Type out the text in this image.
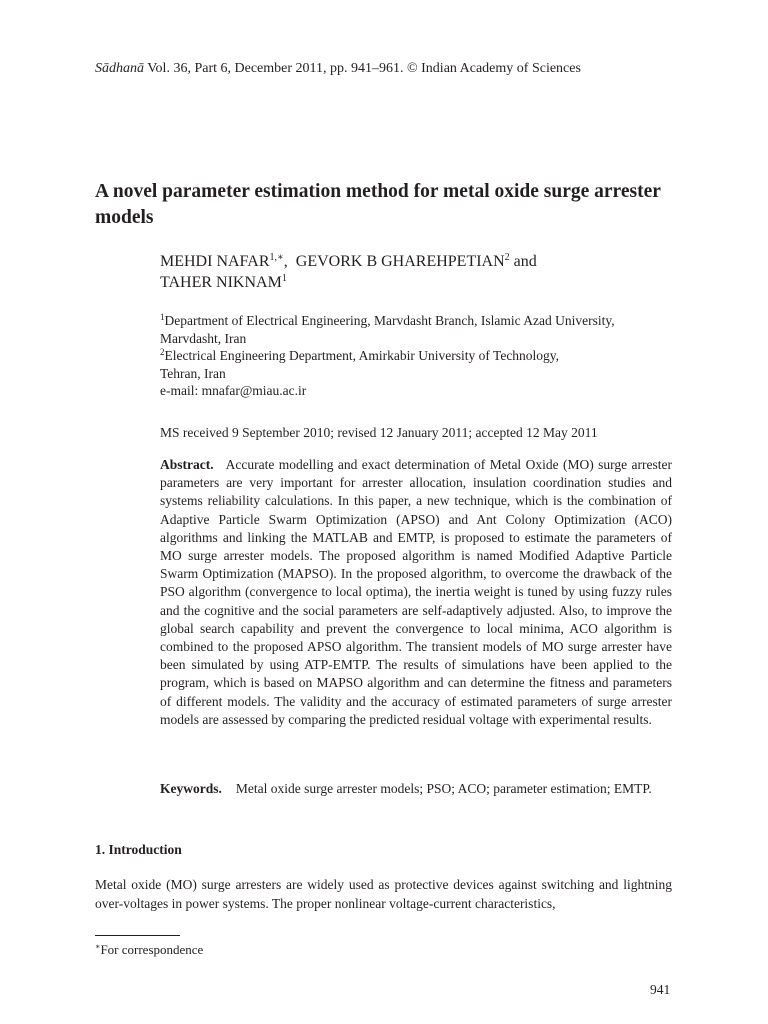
Sādhanā Vol. 36, Part 6, December 2011, pp. 941–961. © Indian Academy of Sciences
A novel parameter estimation method for metal oxide surge arrester models
MEHDI $NAFAR^{1,∗}$,  GEVORK B GHAREHPETIAN$^2$ and
TAHER NIKNAM$^1$
$^1$Department of Electrical Engineering, Marvdasht Branch, Islamic Azad University,
Marvdasht, Iran
$^2$Electrical Engineering Department, Amirkabir University of Technology,
Tehran, Iran
e-mail: mnafar@miau.ac.ir
MS received 9 September 2010; revised 12 January 2011; accepted 12 May 2011
Abstract. Accurate modelling and exact determination of Metal Oxide (MO) surge arrester parameters are very important for arrester allocation, insulation coordination studies and systems reliability calculations. In this paper, a new technique, which is the combination of Adaptive Particle Swarm Optimization (APSO) and Ant Colony Optimization (ACO) algorithms and linking the MATLAB and EMTP, is proposed to estimate the parameters of MO surge arrester models. The proposed algorithm is named Modified Adaptive Particle Swarm Optimization (MAPSO). In the proposed algorithm, to overcome the drawback of the PSO algorithm (convergence to local optima), the inertia weight is tuned by using fuzzy rules and the cognitive and the social parameters are self-adaptively adjusted. Also, to improve the global search capability and prevent the convergence to local minima, ACO algorithm is combined to the proposed APSO algorithm. The transient models of MO surge arrester have been simulated by using ATP-EMTP. The results of simulations have been applied to the program, which is based on MAPSO algorithm and can determine the fitness and parameters of different models. The validity and the accuracy of estimated parameters of surge arrester models are assessed by comparing the predicted residual voltage with experimental results.
Keywords. Metal oxide surge arrester models; PSO; ACO; parameter estimation; EMTP.
1. Introduction
Metal oxide (MO) surge arresters are widely used as protective devices against switching and lightning over-voltages in power systems. The proper nonlinear voltage-current characteristics,
∗For correspondence
941
